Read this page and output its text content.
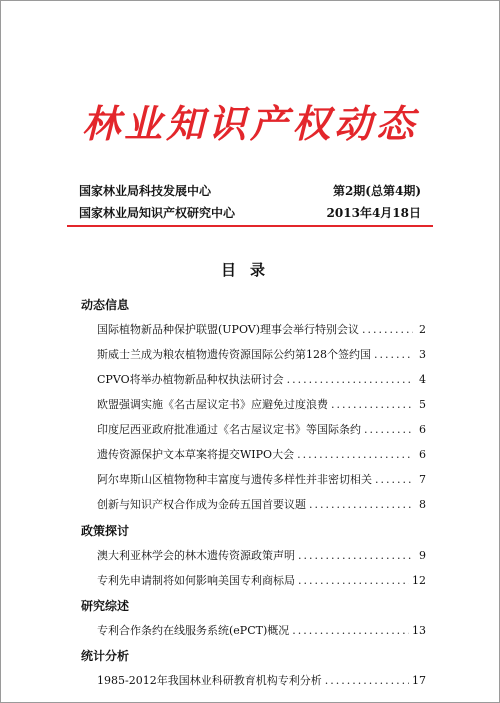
林业知识产权动态
国家林业局科技发展中心	第2期(总第4期)
国家林业局知识产权研究中心	2013年4月18日
目录
动态信息
国际植物新品种保护联盟(UPOV)理事会举行特别会议 .....	2
斯威士兰成为粮农植物遗传资源国际公约第128个签约国 .....	3
CPVO将举办植物新品种权执法研讨会 .....	4
欧盟强调实施《名古屋议定书》应避免过度浪费 .....	5
印度尼西亚政府批准通过《名古屋议定书》等国际条约 .....	6
遗传资源保护文本草案将提交WIPO大会 .....	6
阿尔卑斯山区植物物种丰富度与遗传多样性并非密切相关 .....	7
创新与知识产权合作成为金砖五国首要议题 .....	8
政策探讨
澳大利亚林学会的林木遗传资源政策声明 .....	9
专利先申请制将如何影响美国专利商标局 .....	12
研究综述
专利合作条约在线服务系统(ePCT)概况 .....	13
统计分析
1985-2012年我国林业科研教育机构专利分析 .....	17
